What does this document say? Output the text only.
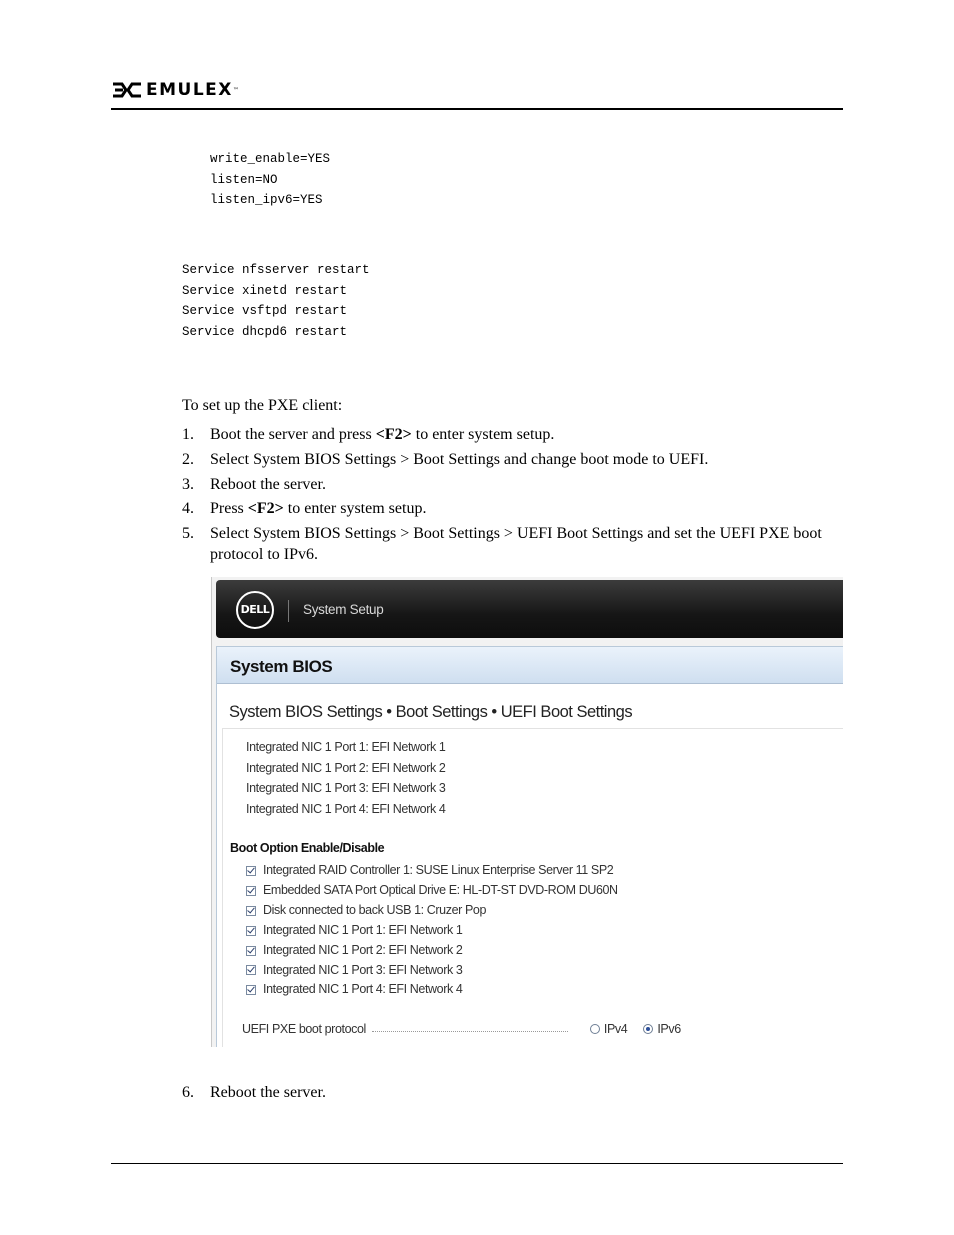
EMULEX ™
write_enable=YES
listen=NO
listen_ipv6=YES
Service nfsserver restart
Service xinetd restart
Service vsftpd restart
Service dhcpd6 restart
To set up the PXE client:
1. Boot the server and press <F2> to enter system setup.
2. Select System BIOS Settings > Boot Settings and change boot mode to UEFI.
3. Reboot the server.
4. Press <F2> to enter system setup.
5. Select System BIOS Settings > Boot Settings > UEFI Boot Settings and set the UEFI PXE boot protocol to IPv6.
DELL	System Setup
System BIOS
System BIOS Settings • Boot Settings • UEFI Boot Settings
Integrated NIC 1 Port 1: EFI Network 1
Integrated NIC 1 Port 2: EFI Network 2
Integrated NIC 1 Port 3: EFI Network 3
Integrated NIC 1 Port 4: EFI Network 4
Boot Option Enable/Disable
Integrated RAID Controller 1: SUSE Linux Enterprise Server 11 SP2
Embedded SATA Port Optical Drive E: HL-DT-ST DVD-ROM DU60N
Disk connected to back USB 1: Cruzer Pop
Integrated NIC 1 Port 1: EFI Network 1
Integrated NIC 1 Port 2: EFI Network 2
Integrated NIC 1 Port 3: EFI Network 3
Integrated NIC 1 Port 4: EFI Network 4
UEFI PXE boot protocol	IPv4 IPv6
6. Reboot the server.
